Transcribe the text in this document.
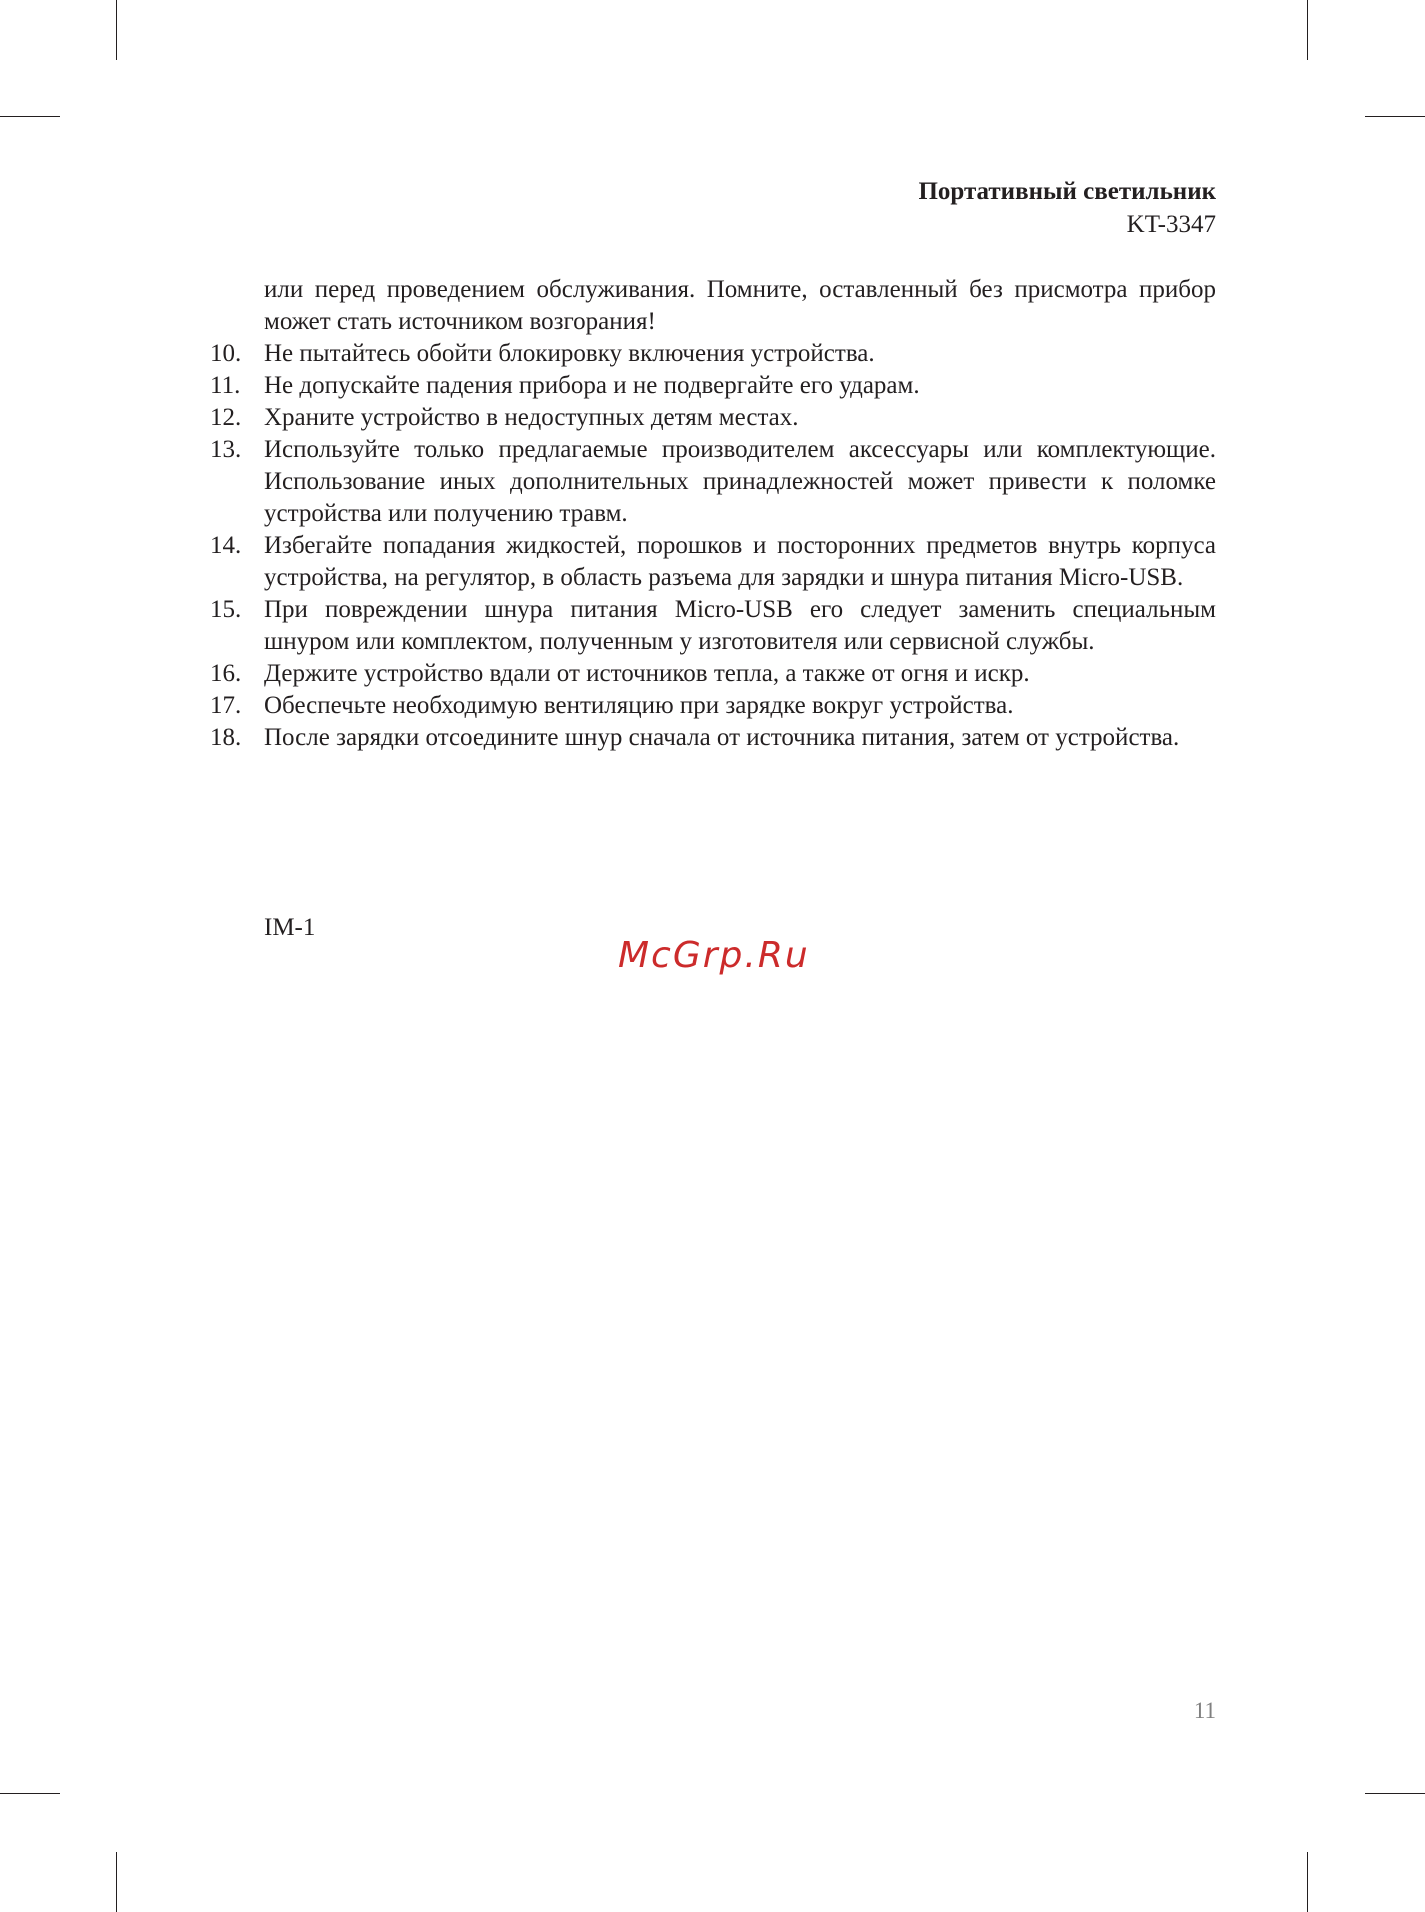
Портативный светильник
KT-3347
или перед проведением обслуживания. Помните, оставленный без присмотра прибор может стать источником возгорания!
10. Не пытайтесь обойти блокировку включения устройства.
11. Не допускайте падения прибора и не подвергайте его ударам.
12. Храните устройство в недоступных детям местах.
13. Используйте только предлагаемые производителем аксессуары или комплектующие. Использование иных дополнительных принадлежностей может привести к поломке устройства или получению травм.
14. Избегайте попадания жидкостей, порошков и посторонних предметов внутрь корпуса устройства, на регулятор, в область разъема для зарядки и шнура питания Micro-USB.
15. При повреждении шнура питания Micro-USB его следует заменить специальным шнуром или комплектом, полученным у изготовителя или сервисной службы.
16. Держите устройство вдали от источников тепла, а также от огня и искр.
17. Обеспечьте необходимую вентиляцию при зарядке вокруг устройства.
18. После зарядки отсоедините шнур сначала от источника питания, затем от устройства.
IM-1
McGrp.Ru
11
